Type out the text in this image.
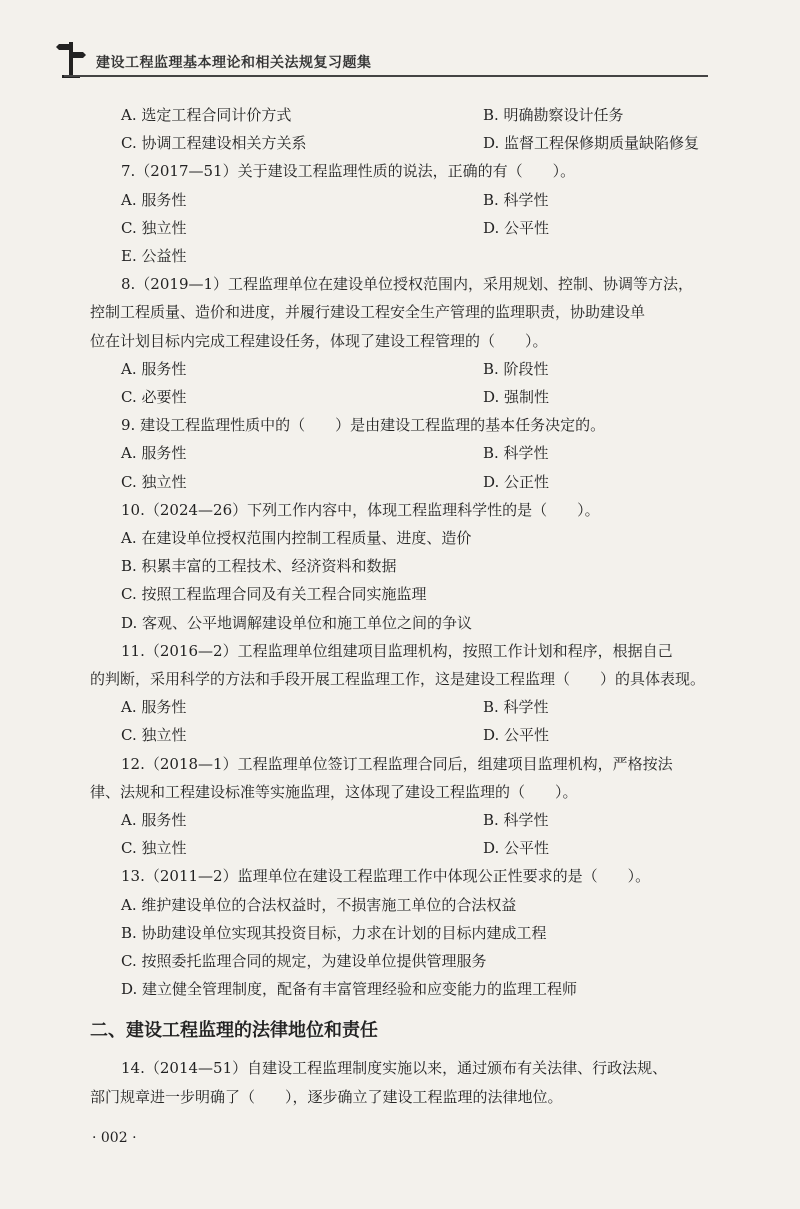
建设工程监理基本理论和相关法规复习题集
A. 选定工程合同计价方式	B. 明确勘察设计任务
C. 协调工程建设相关方关系	D. 监督工程保修期质量缺陷修复
7.（2017—51）关于建设工程监理性质的说法，正确的有（　　）。
A. 服务性	B. 科学性
C. 独立性	D. 公平性
E. 公益性
8.（2019—1）工程监理单位在建设单位授权范围内，采用规划、控制、协调等方法，
控制工程质量、造价和进度，并履行建设工程安全生产管理的监理职责，协助建设单
位在计划目标内完成工程建设任务，体现了建设工程管理的（　　）。
A. 服务性	B. 阶段性
C. 必要性	D. 强制性
9. 建设工程监理性质中的（　　）是由建设工程监理的基本任务决定的。
A. 服务性	B. 科学性
C. 独立性	D. 公正性
10.（2024—26）下列工作内容中，体现工程监理科学性的是（　　）。
A. 在建设单位授权范围内控制工程质量、进度、造价
B. 积累丰富的工程技术、经济资料和数据
C. 按照工程监理合同及有关工程合同实施监理
D. 客观、公平地调解建设单位和施工单位之间的争议
11.（2016—2）工程监理单位组建项目监理机构，按照工作计划和程序，根据自己
的判断，采用科学的方法和手段开展工程监理工作，这是建设工程监理（　　）的具体表现。
A. 服务性	B. 科学性
C. 独立性	D. 公平性
12.（2018—1）工程监理单位签订工程监理合同后，组建项目监理机构，严格按法
律、法规和工程建设标准等实施监理，这体现了建设工程监理的（　　）。
A. 服务性	B. 科学性
C. 独立性	D. 公平性
13.（2011—2）监理单位在建设工程监理工作中体现公正性要求的是（　　）。
A. 维护建设单位的合法权益时，不损害施工单位的合法权益
B. 协助建设单位实现其投资目标，力求在计划的目标内建成工程
C. 按照委托监理合同的规定，为建设单位提供管理服务
D. 建立健全管理制度，配备有丰富管理经验和应变能力的监理工程师
二、建设工程监理的法律地位和责任
14.（2014—51）自建设工程监理制度实施以来，通过颁布有关法律、行政法规、
部门规章进一步明确了（　　），逐步确立了建设工程监理的法律地位。
· 002 ·
